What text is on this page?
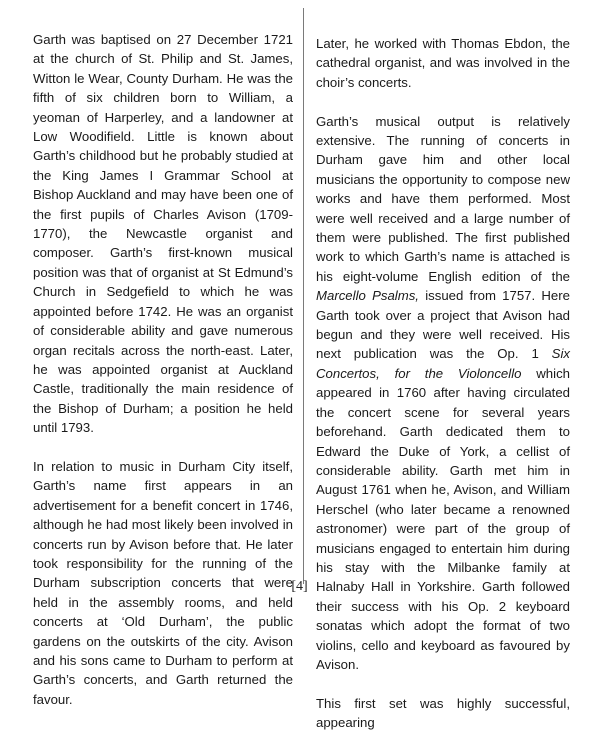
Garth was baptised on 27 December 1721 at the church of St. Philip and St. James, Witton le Wear, County Durham. He was the fifth of six children born to William, a yeoman of Harperley, and a landowner at Low Woodifield. Little is known about Garth’s childhood but he probably studied at the King James I Grammar School at Bishop Auckland and may have been one of the first pupils of Charles Avison (1709-1770), the Newcastle organist and composer. Garth’s first-known musical position was that of organist at St Edmund’s Church in Sedgefield to which he was appointed before 1742. He was an organist of considerable ability and gave numerous organ recitals across the north-east. Later, he was appointed organist at Auckland Castle, traditionally the main residence of the Bishop of Durham; a position he held until 1793.

In relation to music in Durham City itself, Garth’s name first appears in an advertisement for a benefit concert in 1746, although he had most likely been involved in concerts run by Avison before that. He later took responsibility for the running of the Durham subscription concerts that were held in the assembly rooms, and held concerts at ‘Old Durham’, the public gardens on the outskirts of the city. Avison and his sons came to Durham to perform at Garth’s concerts, and Garth returned the favour.

Later, he worked with Thomas Ebdon, the cathedral organist, and was involved in the choir’s concerts.

Garth’s musical output is relatively extensive. The running of concerts in Durham gave him and other local musicians the opportunity to compose new works and have them performed. Most were well received and a large number of them were published. The first published work to which Garth’s name is attached is his eight-volume English edition of the Marcello Psalms, issued from 1757. Here Garth took over a project that Avison had begun and they were well received. His next publication was the Op. 1 Six Concertos, for the Violoncello which appeared in 1760 after having circulated the concert scene for several years beforehand. Garth dedicated them to Edward the Duke of York, a cellist of considerable ability. Garth met him in August 1761 when he, Avison, and William Herschel (who later became a renowned astronomer) were part of the group of musicians engaged to entertain him during his stay with the Milbanke family at Halnaby Hall in Yorkshire. Garth followed their success with his Op. 2 keyboard sonatas which adopt the format of two violins, cello and keyboard as favoured by Avison.

This first set was highly successful, appearing

[4]
